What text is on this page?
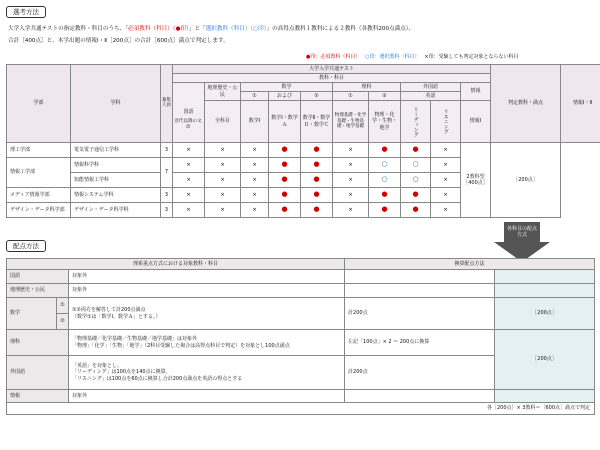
選考方法
大学入学共通テストの指定教科・科目のうち、「必須教科（科目）（●印）」と「選択教科（科目）（○印）」の高得点教科１教科による２教科（各教科200点満点）、
合計［400点］と、本学出題の情報Ⅰ・Ⅱ［200点］の合計［600点］満点で判定します。
●印：必須教科（科目） ○印：選択教科（科目） ×印：受験しても判定対象とならない科目
学部	学科	募集人員	大学入学共通テスト										判定教科・満点	情報Ⅰ・Ⅱ
			教科・科目											
			国語	地理歴史・公民	数学			理科		外国語		情報		
					①	および	②	①	②	英語				
				全科目	数学Ⅰ	数学Ⅰ・数学Ａ	数学Ⅱ・数学Ｂ・数学Ｃ	物理基礎・化学基礎・生物基礎・地学基礎	物理・化学・生物・地学	リーディング	リスニング	情報Ⅰ		
理工学部	電気電子通信工学科	3	×	×	×	●	●	×	●	●	×	2教科型［400点］	［200点］	
情報工学部	情報科学科	7	×	×	×	●	●	×	○	○	×			
	知能情報工学科		×	×	×	●	●	×	○	○	×			
メディア情報学部	情報システム学科	3	×	×	×	●	●	×	●	●	×			
デザイン・データ科学部	デザイン・データ科学科	3	×	×	×	●	●	×	●	●	×			
近代以降の文章
各科目の配点方式
配点方法
理系重点方式における対象教科・科目			換算配点方法	
国語		対象外		

地理歴史・公民		対象外		

数学	①	①②両方を解答して計200点満点
（数学①は「数学Ⅰ、数学Ａ」とする。）	計200点	［200点］
	②			
理科		「物理基礎／化学基礎／生物基礎／地学基礎」は対象外
「物理」「化学」「生物」「地学」（2科目受験した場合は高得点科目で判定）を対象とし100点満点	左記「100点」× 2 ＝ 200点に換算	［200点］
外国語		「英語」を対象とし、
「リーディング」は100点を140点に換算、
「リスニング」は100点を60点に換算し合計200点満点を英語の得点とする	計200点	
情報		対象外		

各［200点］× 3教科＝［600点］満点で判定				
